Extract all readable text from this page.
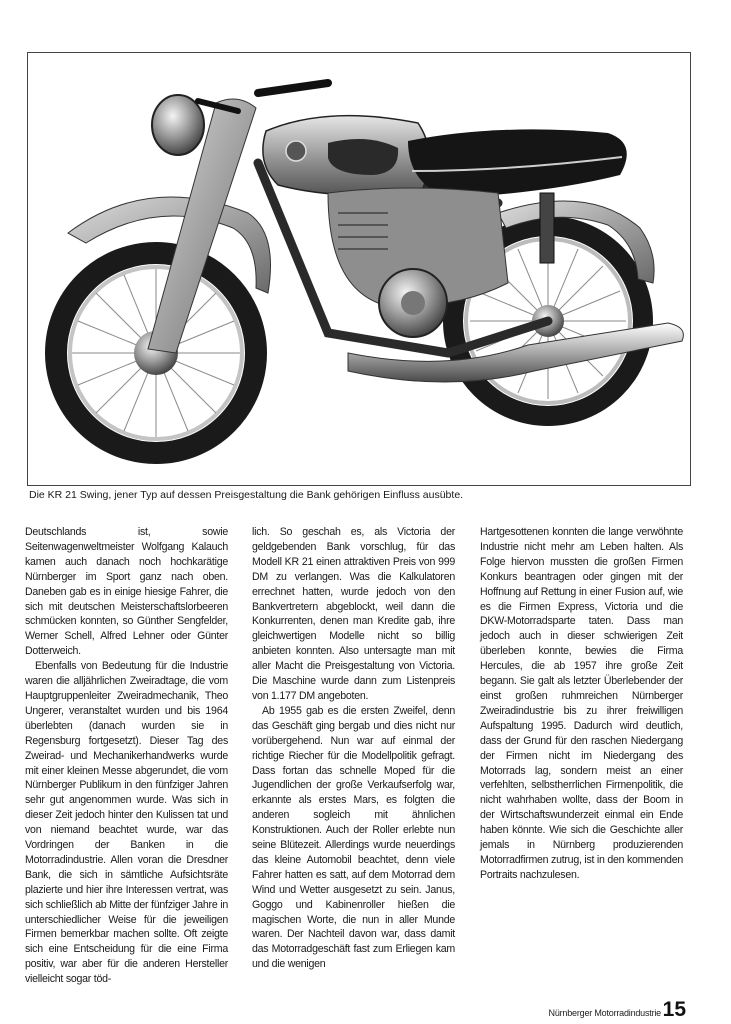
Die KR 21 Swing, jener Typ auf dessen Preisgestaltung die Bank gehörigen Einfluss ausübte.

Deutschlands ist, sowie Seitenwagenweltmeister Wolfgang Kalauch kamen auch danach noch hochkarätige Nürnberger im Sport ganz nach oben. Daneben gab es in einige hiesige Fahrer, die sich mit deutschen Meisterschaftslorbeeren schmücken konnten, so Günther Sengfelder, Werner Schell, Alfred Lehner oder Günter Dotterweich.

Ebenfalls von Bedeutung für die Industrie waren die alljährlichen Zweiradtage, die vom Hauptgruppenleiter Zweiradmechanik, Theo Ungerer, veranstaltet wurden und bis 1964 überlebten (danach wurden sie in Regensburg fortgesetzt). Dieser Tag des Zweirad- und Mechanikerhandwerks wurde mit einer kleinen Messe abgerundet, die vom Nürnberger Publikum in den fünfziger Jahren sehr gut angenommen wurde. Was sich in dieser Zeit jedoch hinter den Kulissen tat und von niemand beachtet wurde, war das Vordringen der Banken in die Motorradindustrie. Allen voran die Dresdner Bank, die sich in sämtliche Aufsichtsräte plazierte und hier ihre Interessen vertrat, was sich schließlich ab Mitte der fünfziger Jahre in unterschiedlicher Weise für die jeweiligen Firmen bemerkbar machen sollte. Oft zeigte sich eine Entscheidung für die eine Firma positiv, war aber für die anderen Hersteller vielleicht sogar töd-

lich. So geschah es, als Victoria der geldgebenden Bank vorschlug, für das Modell KR 21 einen attraktiven Preis von 999 DM zu verlangen. Was die Kalkulatoren errechnet hatten, wurde jedoch von den Bankvertretern abgeblockt, weil dann die Konkurrenten, denen man Kredite gab, ihre gleichwertigen Modelle nicht so billig anbieten konnten. Also untersagte man mit aller Macht die Preisgestaltung von Victoria. Die Maschine wurde dann zum Listenpreis von 1.177 DM angeboten.

Ab 1955 gab es die ersten Zweifel, denn das Geschäft ging bergab und dies nicht nur vorübergehend. Nun war auf einmal der richtige Riecher für die Modellpolitik gefragt. Dass fortan das schnelle Moped für die Jugendlichen der große Verkaufserfolg war, erkannte als erstes Mars, es folgten die anderen sogleich mit ähnlichen Konstruktionen. Auch der Roller erlebte nun seine Blütezeit. Allerdings wurde neuerdings das kleine Automobil beachtet, denn viele Fahrer hatten es satt, auf dem Motorrad dem Wind und Wetter ausgesetzt zu sein. Janus, Goggo und Kabinenroller hießen die magischen Worte, die nun in aller Munde waren. Der Nachteil davon war, dass damit das Motorradgeschäft fast zum Erliegen kam und die wenigen

Hartgesottenen konnten die lange verwöhnte Industrie nicht mehr am Leben halten. Als Folge hiervon mussten die großen Firmen Konkurs beantragen oder gingen mit der Hoffnung auf Rettung in einer Fusion auf, wie es die Firmen Express, Victoria und die DKW-Motorradsparte taten. Dass man jedoch auch in dieser schwierigen Zeit überleben konnte, bewies die Firma Hercules, die ab 1957 ihre große Zeit begann. Sie galt als letzter Überlebender der einst großen ruhmreichen Nürnberger Zweiradindustrie bis zu ihrer freiwilligen Aufspaltung 1995. Dadurch wird deutlich, dass der Grund für den raschen Niedergang der Firmen nicht im Niedergang des Motorrads lag, sondern meist an einer verfehlten, selbstherrlichen Firmenpolitik, die nicht wahrhaben wollte, dass der Boom in der Wirtschaftswunderzeit einmal ein Ende haben könnte. Wie sich die Geschichte aller jemals in Nürnberg produzierenden Motorradfirmen zutrug, ist in den kommenden Portraits nachzulesen.

Nürnberger Motorradindustrie 15
